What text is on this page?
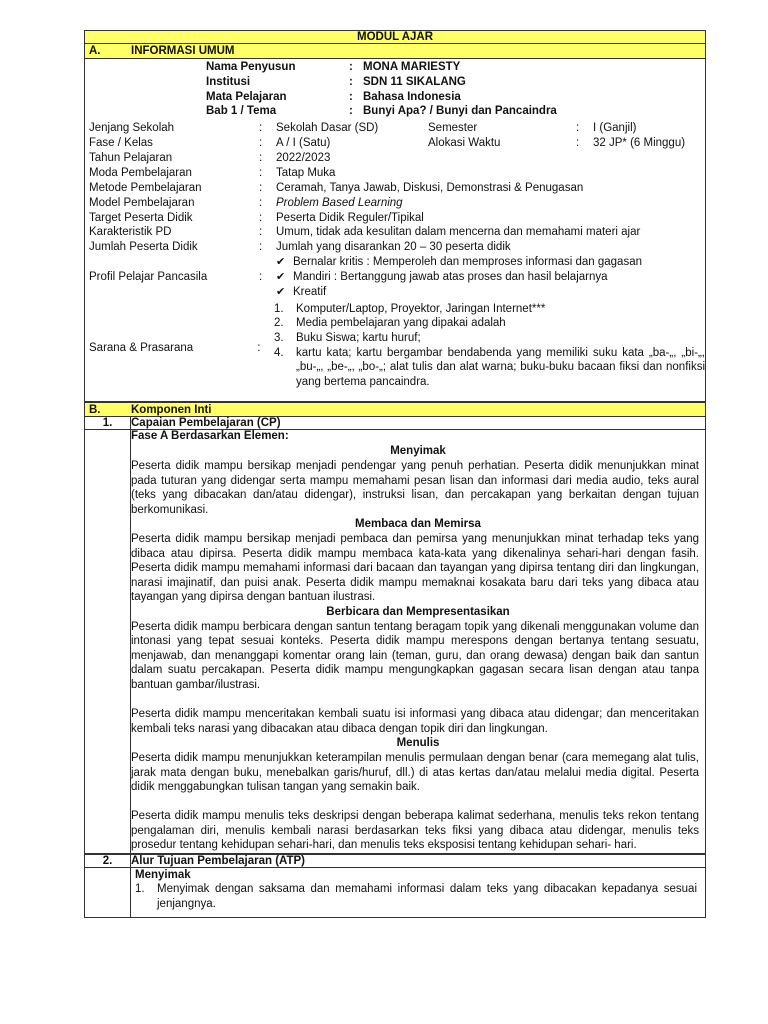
MODUL AJAR
A.	INFORMASI UMUM
Nama Penyusun	: MONA MARIESTY
Institusi	: SDN 11 SIKALANG
Mata Pelajaran	: Bahasa Indonesia
Bab 1 / Tema	: Bunyi Apa? / Bunyi dan Pancaindra
Jenjang Sekolah	:	Sekolah Dasar (SD)	Semester	:	I (Ganjil)
Fase / Kelas	:	A / I (Satu)	Alokasi Waktu	:	32 JP* (6 Minggu)
Tahun Pelajaran	:	2022/2023
Moda Pembelajaran	:	Tatap Muka
Metode Pembelajaran	:	Ceramah, Tanya Jawab, Diskusi, Demonstrasi & Penugasan
Model Pembelajaran	:	Problem Based Learning
Target Peserta Didik	:	Peserta Didik Reguler/Tipikal
Karakteristik PD	:	Umum, tidak ada kesulitan dalam mencerna dan memahami materi ajar
Jumlah Peserta Didik	:	Jumlah yang disarankan 20 – 30 peserta didik
Profil Pelajar Pancasila	:
✔ Bernalar kritis : Memperoleh dan memproses informasi dan gagasan
✔ Mandiri : Bertanggung jawab atas proses dan hasil belajarnya
✔ Kreatif
Sarana & Prasarana	:
1.	Komputer/Laptop, Proyektor, Jaringan Internet***
2.	Media pembelajaran yang dipakai adalah
3.	Buku Siswa; kartu huruf;
4.	kartu kata; kartu bergambar bendabenda yang memiliki suku kata „ba-„, „bi-„, „bu-„, „be-„, „bo-„; alat tulis dan alat warna; buku-buku bacaan fiksi dan nonfiksi yang bertema pancaindra.
B.	Komponen Inti
1.	Capaian Pembelajaran (CP)
Fase A Berdasarkan Elemen:
Menyimak
Peserta didik mampu bersikap menjadi pendengar yang penuh perhatian. Peserta didik menunjukkan minat pada tuturan yang didengar serta mampu memahami pesan lisan dan informasi dari media audio, teks aural (teks yang dibacakan dan/atau didengar), instruksi lisan, dan percakapan yang berkaitan dengan tujuan berkomunikasi.
Membaca dan Memirsa
Peserta didik mampu bersikap menjadi pembaca dan pemirsa yang menunjukkan minat terhadap teks yang dibaca atau dipirsa. Peserta didik mampu membaca kata-kata yang dikenalinya sehari-hari dengan fasih. Peserta didik mampu memahami informasi dari bacaan dan tayangan yang dipirsa tentang diri dan lingkungan, narasi imajinatif, dan puisi anak. Peserta didik mampu memaknai kosakata baru dari teks yang dibaca atau tayangan yang dipirsa dengan bantuan ilustrasi.
Berbicara dan Mempresentasikan
Peserta didik mampu berbicara dengan santun tentang beragam topik yang dikenali menggunakan volume dan intonasi yang tepat sesuai konteks. Peserta didik mampu merespons dengan bertanya tentang sesuatu, menjawab, dan menanggapi komentar orang lain (teman, guru, dan orang dewasa) dengan baik dan santun dalam suatu percakapan. Peserta didik mampu mengungkapkan gagasan secara lisan dengan atau tanpa bantuan gambar/ilustrasi.
Peserta didik mampu menceritakan kembali suatu isi informasi yang dibaca atau didengar; dan menceritakan kembali teks narasi yang dibacakan atau dibaca dengan topik diri dan lingkungan.
Menulis
Peserta didik mampu menunjukkan keterampilan menulis permulaan dengan benar (cara memegang alat tulis, jarak mata dengan buku, menebalkan garis/huruf, dll.) di atas kertas dan/atau melalui media digital. Peserta didik menggabungkan tulisan tangan yang semakin baik.
Peserta didik mampu menulis teks deskripsi dengan beberapa kalimat sederhana, menulis teks rekon tentang pengalaman diri, menulis kembali narasi berdasarkan teks fiksi yang dibaca atau didengar, menulis teks prosedur tentang kehidupan sehari-hari, dan menulis teks eksposisi tentang kehidupan sehari- hari.
2.	Alur Tujuan Pembelajaran (ATP)
Menyimak
1.	Menyimak dengan saksama dan memahami informasi dalam teks yang dibacakan kepadanya sesuai jenjangnya.
